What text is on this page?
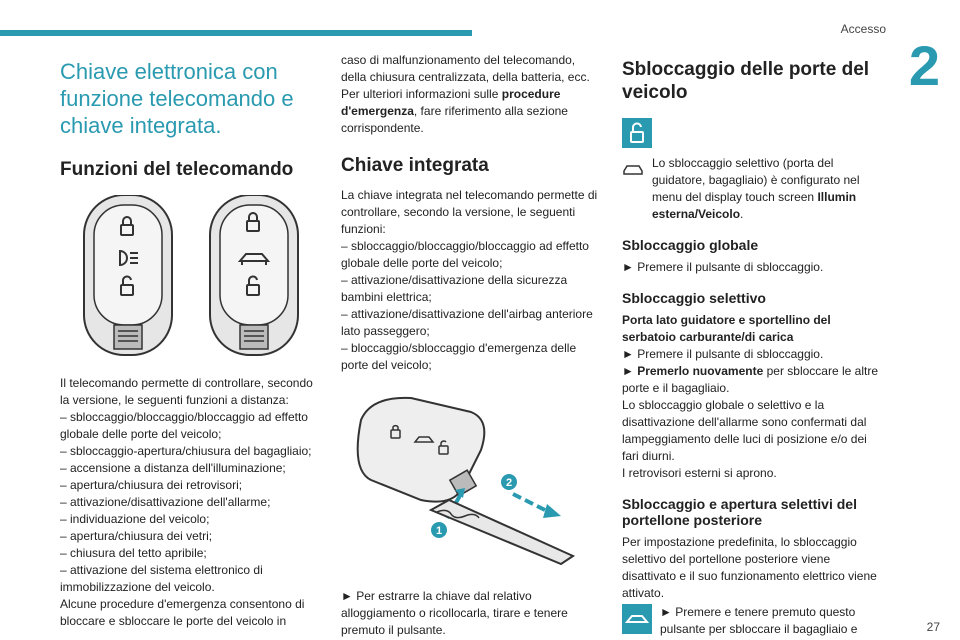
Accesso
2
27
Chiave elettronica con funzione telecomando e chiave integrata.
Funzioni del telecomando

Il telecomando permette di controllare, secondo la versione, le seguenti funzioni a distanza:

– sbloccaggio/bloccaggio/bloccaggio ad effetto globale delle porte del veicolo;
– sbloccaggio-apertura/chiusura del bagagliaio;
– accensione a distanza dell'illuminazione;
– apertura/chiusura dei retrovisori;
– attivazione/disattivazione dell'allarme;
– individuazione del veicolo;
– apertura/chiusura dei vetri;
– chiusura del tetto apribile;
– attivazione del sistema elettronico di immobilizzazione del veicolo.

Alcune procedure d'emergenza consentono di bloccare e sbloccare le porte del veicolo in

caso di malfunzionamento del telecomando, della chiusura centralizzata, della batteria, ecc. Per ulteriori informazioni sulle procedure d'emergenza, fare riferimento alla sezione corrispondente.

Chiave integrata

La chiave integrata nel telecomando permette di controllare, secondo la versione, le seguenti funzioni:

– sbloccaggio/bloccaggio/bloccaggio ad effetto globale delle porte del veicolo;
– attivazione/disattivazione della sicurezza bambini elettrica;
– attivazione/disattivazione dell'airbag anteriore lato passeggero;
– bloccaggio/sbloccaggio d'emergenza delle porte del veicolo;
1
2

► Per estrarre la chiave dal relativo alloggiamento o ricollocarla, tirare e tenere premuto il pulsante.

Sbloccaggio delle porte del veicolo

Lo sbloccaggio selettivo (porta del guidatore, bagagliaio) è configurato nel menu del display touch screen Illumin esterna/Veicolo.

Sbloccaggio globale

► Premere il pulsante di sbloccaggio.

Sbloccaggio selettivo

Porta lato guidatore e sportellino del serbatoio carburante/di carica

► Premere il pulsante di sbloccaggio.

► Premerlo nuovamente per sbloccare le altre porte e il bagagliaio.

Lo sbloccaggio globale o selettivo e la disattivazione dell'allarme sono confermati dal lampeggiamento delle luci di posizione e/o dei fari diurni.

I retrovisori esterni si aprono.

Sbloccaggio e apertura selettivi del portellone posteriore

Per impostazione predefinita, lo sbloccaggio selettivo del portellone posteriore viene disattivato e il suo funzionamento elettrico viene attivato.

► Premere e tenere premuto questo pulsante per sbloccare il bagagliaio e
